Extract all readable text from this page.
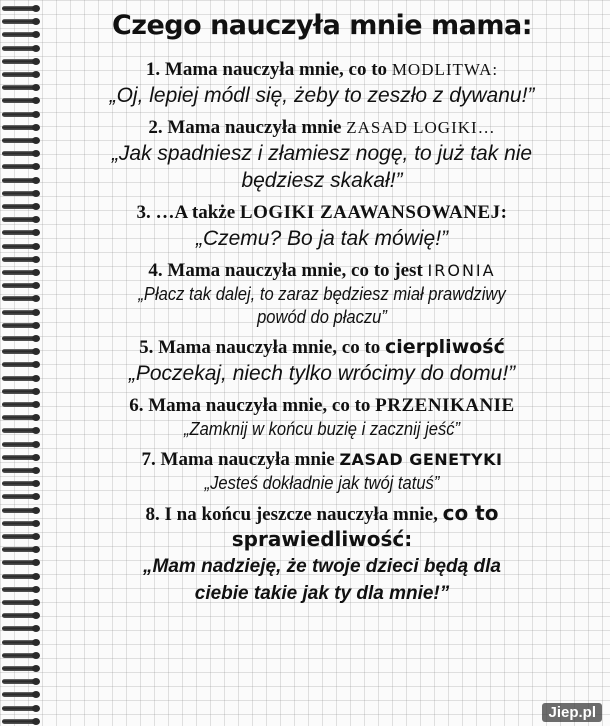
Czego nauczyła mnie mama:

1. Mama nauczyła mnie, co to MODLITWA:

„Oj, lepiej módl się, żeby to zeszło z dywanu!”

2. Mama nauczyła mnie ZASAD LOGIKI…

„Jak spadniesz i złamiesz nogę, to już tak nie

będziesz skakał!”

3. …A także LOGIKI ZAAWANSOWANEJ:

„Czemu? Bo ja tak mówię!”

4. Mama nauczyła mnie, co to jest IRONIA

„Płacz tak dalej, to zaraz będziesz miał prawdziwy

powód do płaczu”

5. Mama nauczyła mnie, co to cierpliwość

„Poczekaj, niech tylko wrócimy do domu!”

6. Mama nauczyła mnie, co to PRZENIKANIE

„Zamknij w końcu buzię i zacznij jeść”

7. Mama nauczyła mnie ZASAD GENETYKI

„Jesteś dokładnie jak twój tatuś”

8. I na końcu jeszcze nauczyła mnie, co to

sprawiedliwość:

„Mam nadzieję, że twoje dzieci będą dla

ciebie takie jak ty dla mnie!”

Jiep.pl
